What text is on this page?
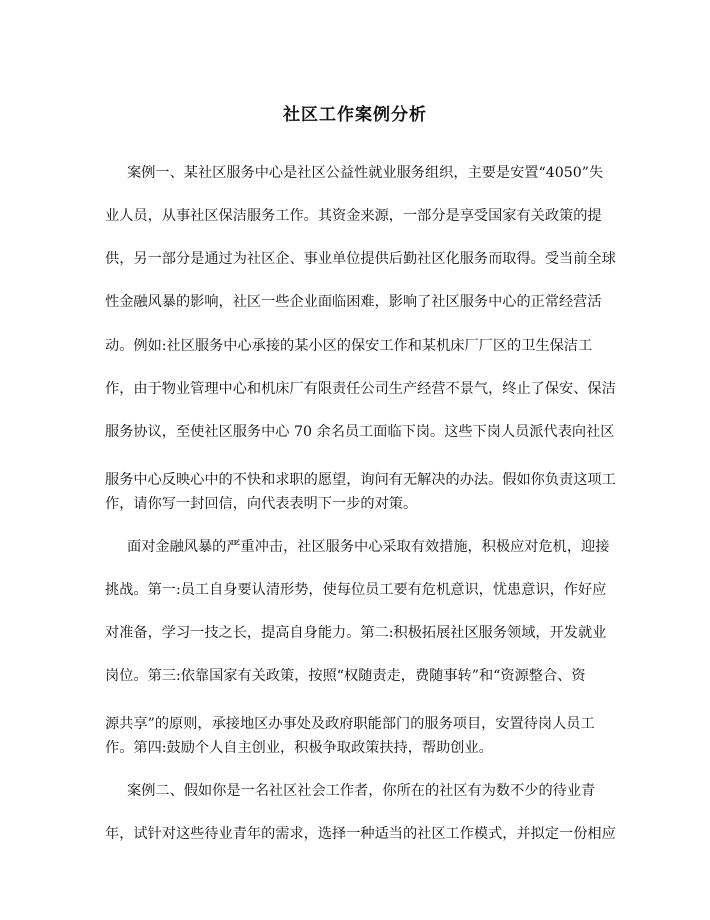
社区工作案例分析
案例一、某社区服务中心是社区公益性就业服务组织，主要是安置“4050”失
业人员，从事社区保洁服务工作。其资金来源，一部分是享受国家有关政策的提
供，另一部分是通过为社区企、事业单位提供后勤社区化服务而取得。受当前全球
性金融风暴的影响，社区一些企业面临困难，影响了社区服务中心的正常经营活
动。例如:社区服务中心承接的某小区的保安工作和某机床厂厂区的卫生保洁工
作，由于物业管理中心和机床厂有限责任公司生产经营不景气，终止了保安、保洁
服务协议，至使社区服务中心 70 余名员工面临下岗。这些下岗人员派代表向社区
服务中心反映心中的不快和求职的愿望，询问有无解决的办法。假如你负责这项工
作，请你写一封回信，向代表表明下一步的对策。
面对金融风暴的严重冲击，社区服务中心采取有效措施，积极应对危机，迎接
挑战。第一:员工自身要认清形势，使每位员工要有危机意识，忧患意识，作好应
对准备，学习一技之长，提高自身能力。第二:积极拓展社区服务领域，开发就业
岗位。第三:依靠国家有关政策，按照“权随责走，费随事转”和“资源整合、资
源共享”的原则，承接地区办事处及政府职能部门的服务项目，安置待岗人员工
作。第四:鼓励个人自主创业，积极争取政策扶持，帮助创业。
案例二、假如你是一名社区社会工作者，你所在的社区有为数不少的待业青
年，试针对这些待业青年的需求，选择一种适当的社区工作模式，并拟定一份相应
